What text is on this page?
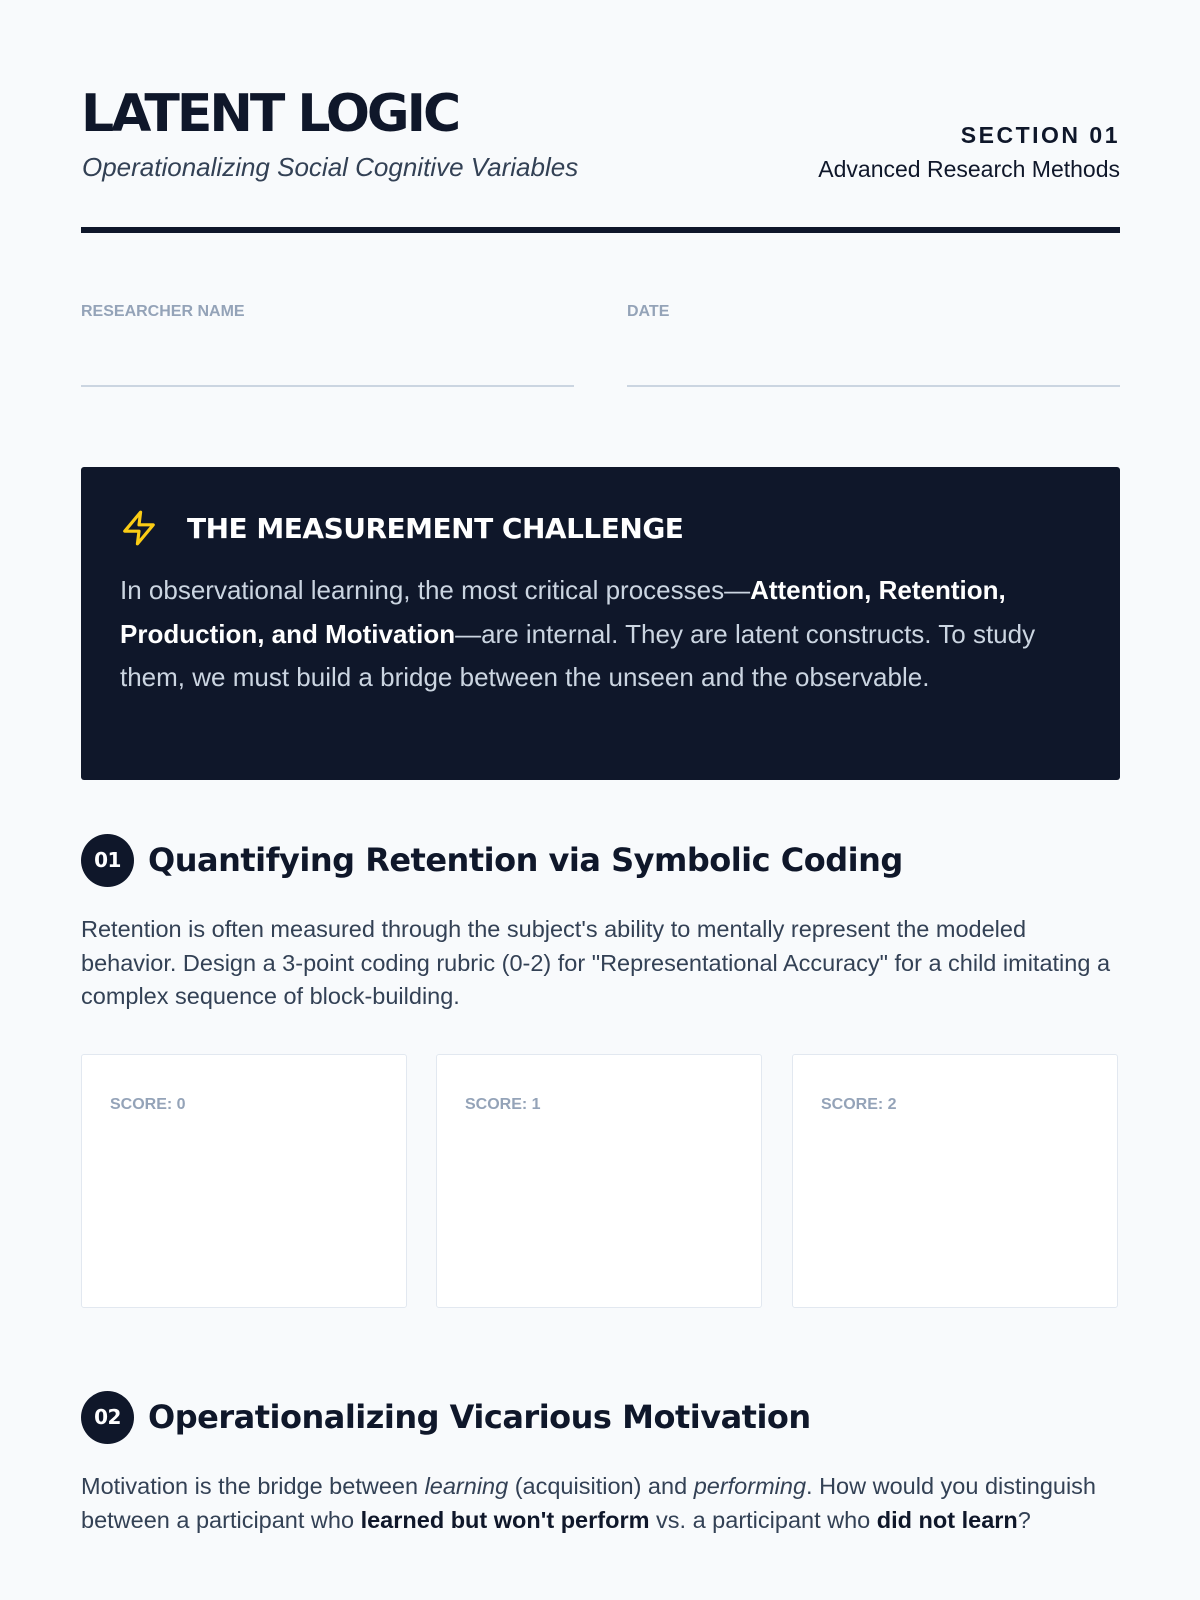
LATENT LOGIC

Operationalizing Social Cognitive Variables

SECTION 01
Advanced Research Methods
RESEARCHER NAME	DATE
THE MEASUREMENT CHALLENGE

In observational learning, the most critical processes—Attention, Retention, Production, and Motivation—are internal. They are latent constructs. To study them, we must build a bridge between the unseen and the observable.

01 Quantifying Retention via Symbolic Coding

Retention is often measured through the subject's ability to mentally represent the modeled behavior. Design a 3-point coding rubric (0-2) for "Representational Accuracy" for a child imitating a complex sequence of block-building.

SCORE: 0	SCORE: 1	SCORE: 2
02 Operationalizing Vicarious Motivation

Motivation is the bridge between learning (acquisition) and performing. How would you distinguish between a participant who learned but won't perform vs. a participant who did not learn?
